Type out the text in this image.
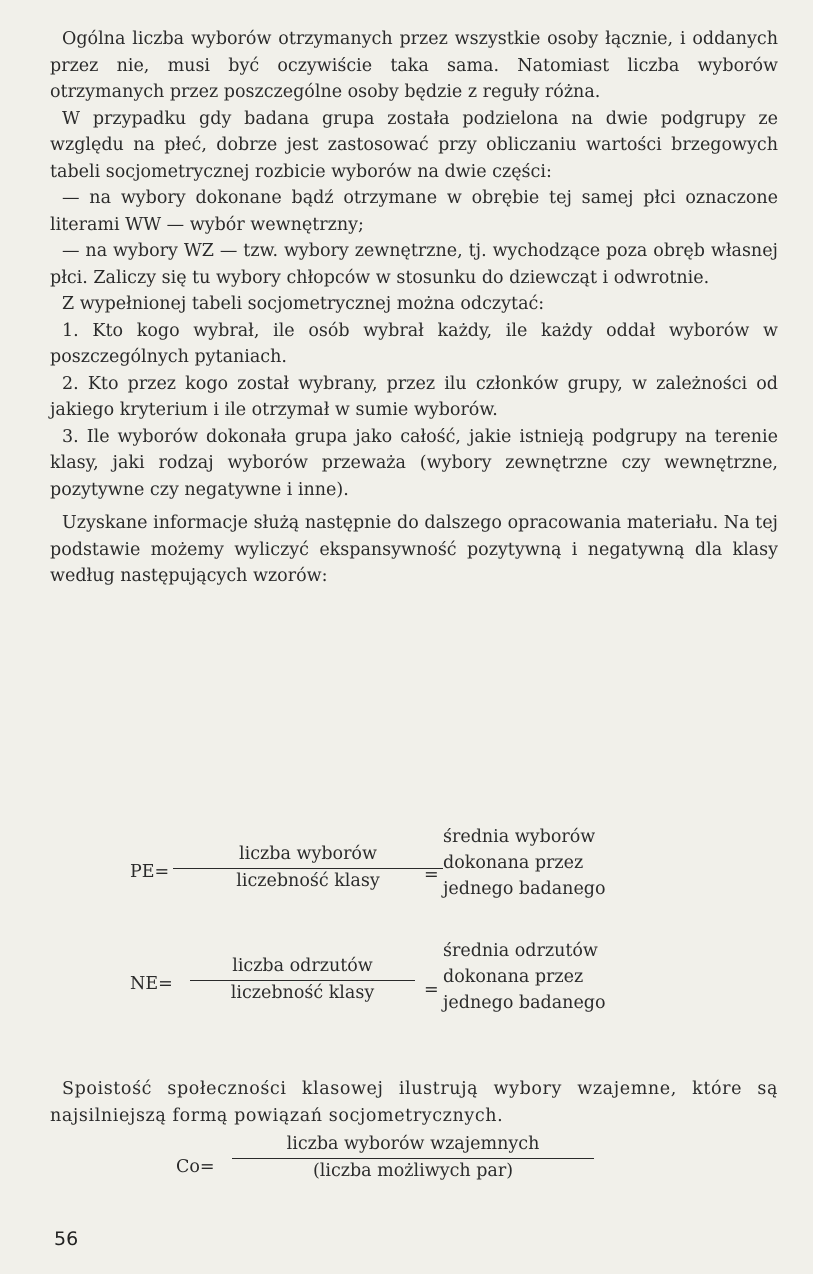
Ogólna liczba wyborów otrzymanych przez wszystkie osoby łącznie, i oddanych przez nie, musi być oczywiście taka sama. Natomiast liczba wyborów otrzymanych przez poszczególne osoby będzie z reguły różna.

W przypadku gdy badana grupa została podzielona na dwie podgrupy ze względu na płeć, dobrze jest zastosować przy obliczaniu wartości brzegowych tabeli socjometrycznej rozbicie wyborów na dwie części:

— na wybory dokonane bądź otrzymane w obrębie tej samej płci oznaczone literami WW — wybór wewnętrzny;

— na wybory WZ — tzw. wybory zewnętrzne, tj. wychodzące poza obręb własnej płci. Zaliczy się tu wybory chłopców w stosunku do dziewcząt i odwrotnie.

Z wypełnionej tabeli socjometrycznej można odczytać:

1. Kto kogo wybrał, ile osób wybrał każdy, ile każdy oddał wyborów w poszczególnych pytaniach.

2. Kto przez kogo został wybrany, przez ilu członków grupy, w zależności od jakiego kryterium i ile otrzymał w sumie wyborów.

3. Ile wyborów dokonała grupa jako całość, jakie istnieją podgrupy na terenie klasy, jaki rodzaj wyborów przeważa (wybory zewnętrzne czy wewnętrzne, pozytywne czy negatywne i inne).

Uzyskane informacje służą następnie do dalszego opracowania materiału. Na tej podstawie możemy wyliczyć ekspansywność pozytywną i negatywną dla klasy według następujących wzorów:

PE=
liczba wyborów
liczebność klasy	=
średnia wyborów
dokonana przez
jednego badanego
NE=
liczba odrzutów
liczebność klasy	=
średnia odrzutów
dokonana przez
jednego badanego

Spoistość społeczności klasowej ilustrują wybory wzajemne, które są najsilniejszą formą powiązań socjometrycznych.

Co=
liczba wyborów wzajemnych
(liczba możliwych par)
56
